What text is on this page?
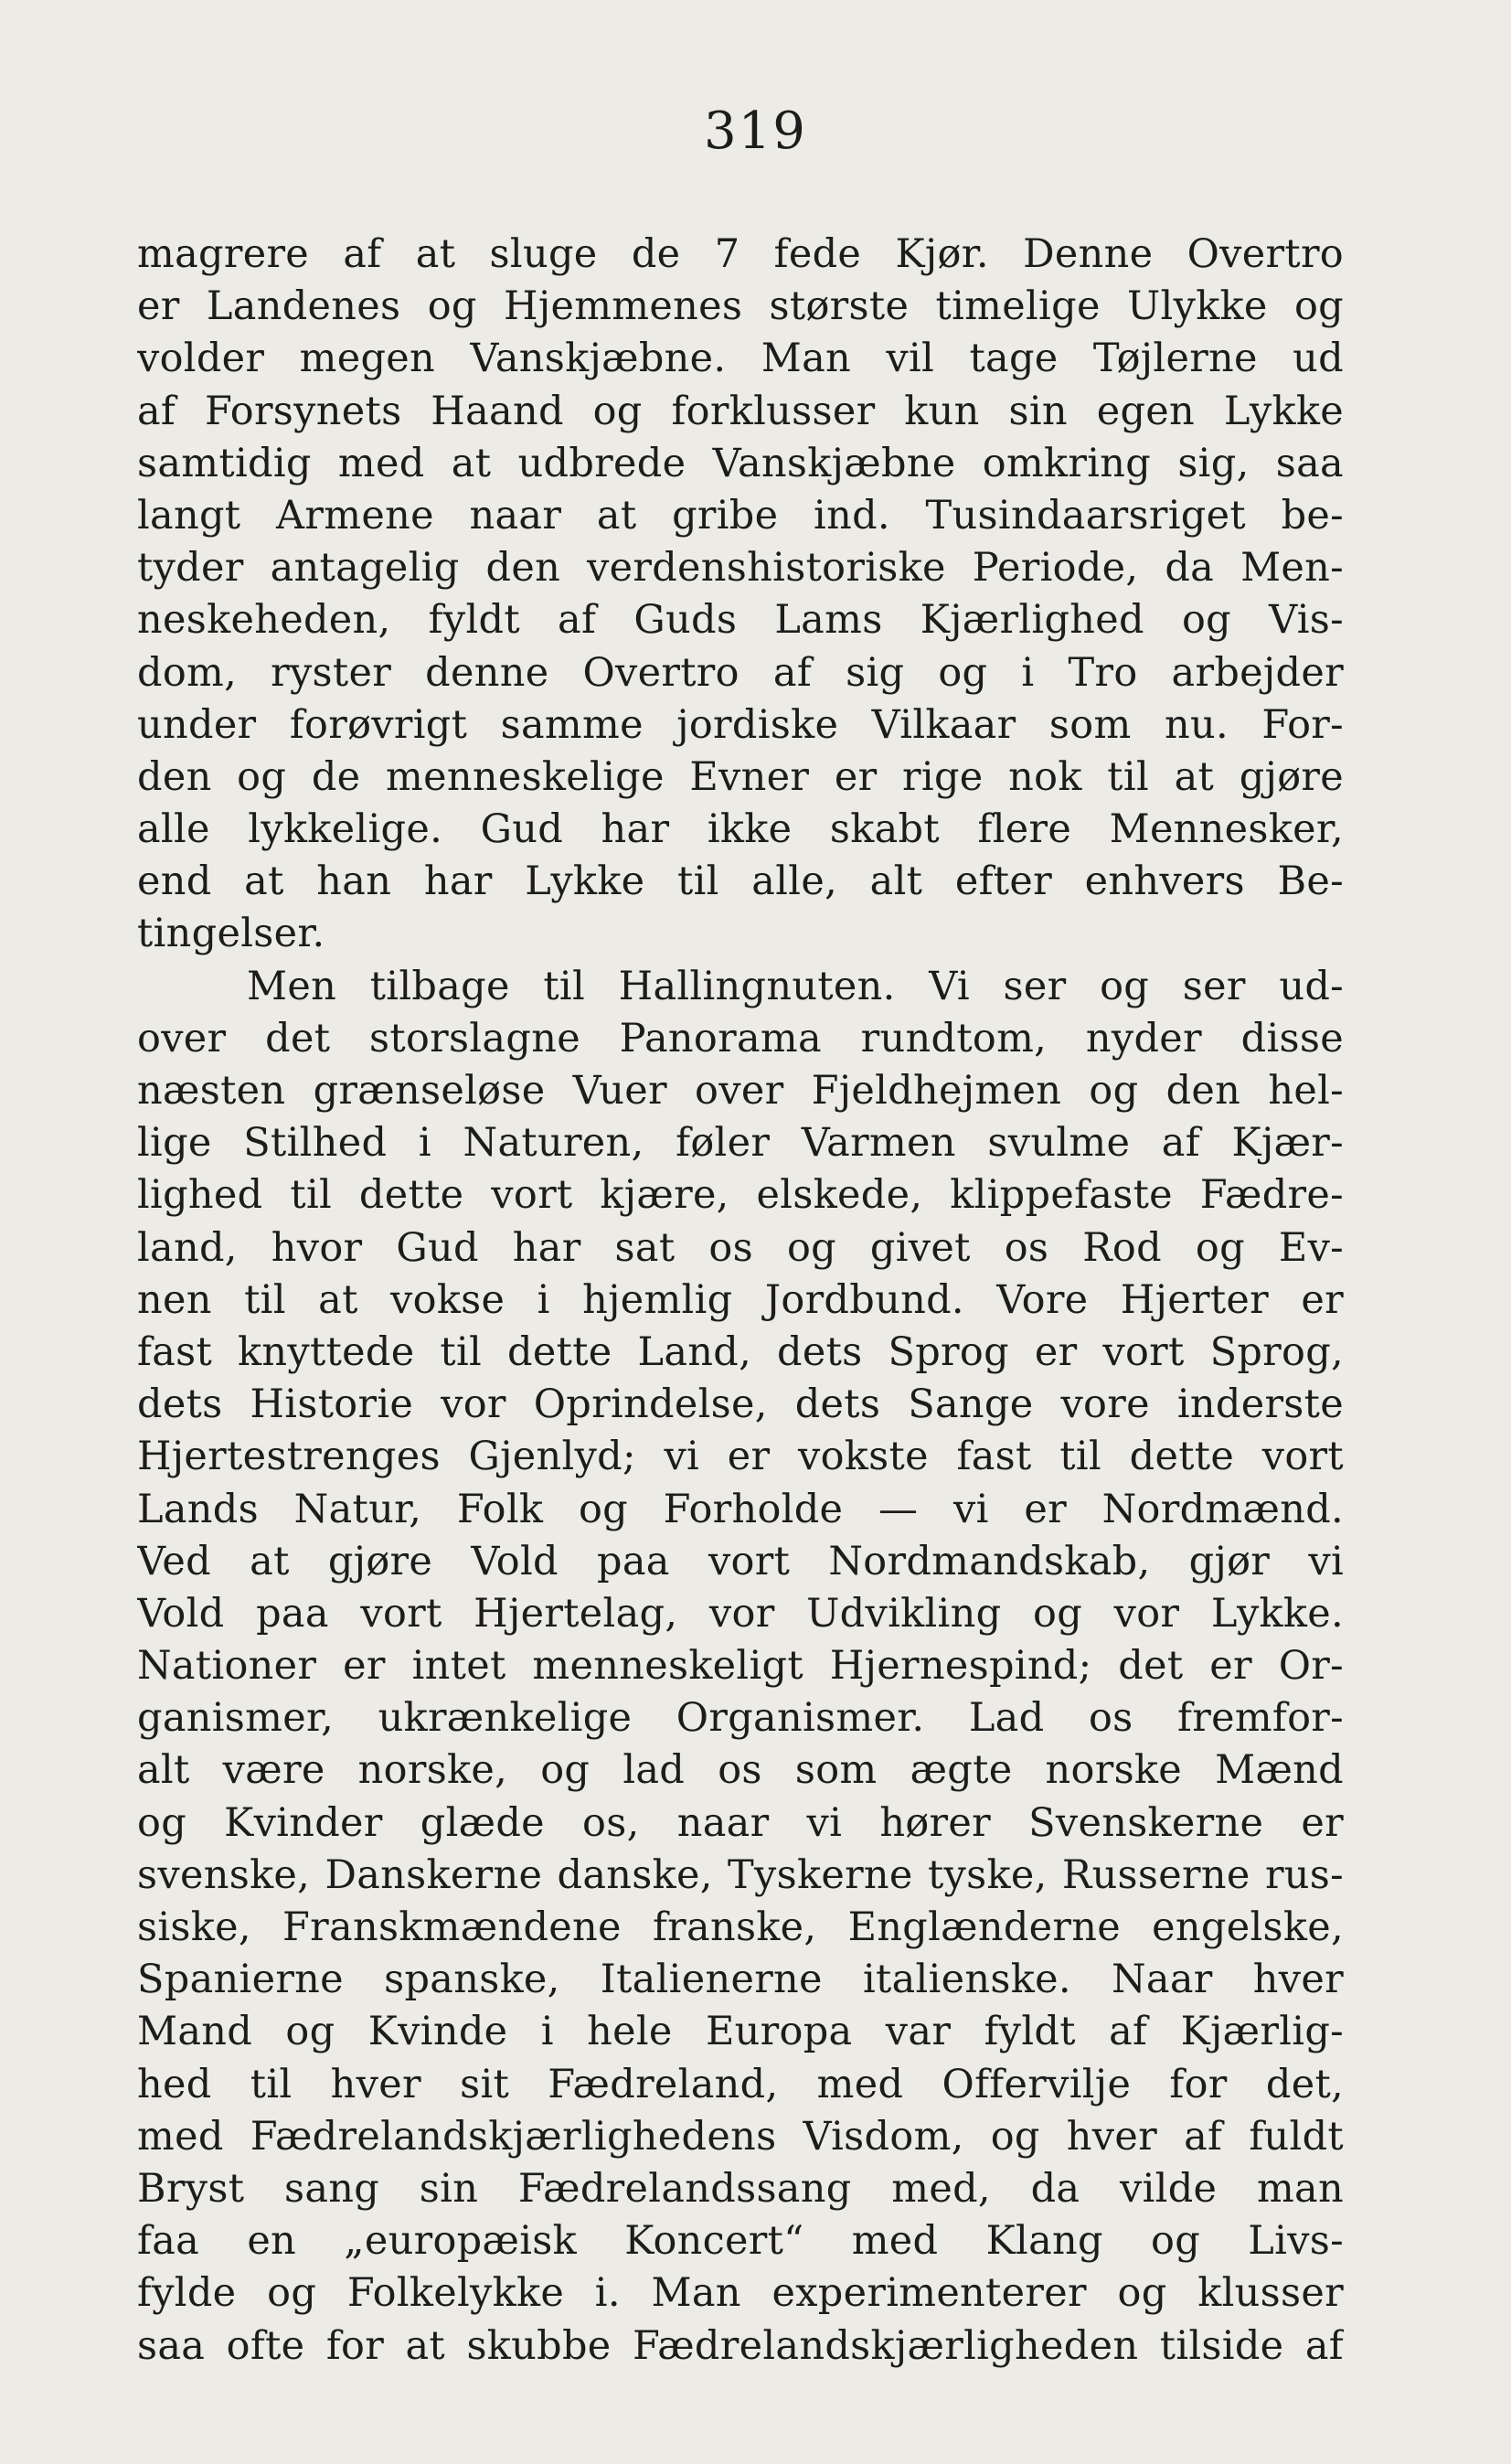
319
magrere af at sluge de 7 fede Kjør. Denne Overtro
er Landenes og Hjemmenes største timelige Ulykke og
volder megen Vanskjæbne. Man vil tage Tøjlerne ud
af Forsynets Haand og forklusser kun sin egen Lykke
samtidig med at udbrede Vanskjæbne omkring sig, saa
langt Armene naar at gribe ind. Tusindaarsriget be-
tyder antagelig den verdenshistoriske Periode, da Men-
neskeheden, fyldt af Guds Lams Kjærlighed og Vis-
dom, ryster denne Overtro af sig og i Tro arbejder
under forøvrigt samme jordiske Vilkaar som nu. For-
den og de menneskelige Evner er rige nok til at gjøre
alle lykkelige. Gud har ikke skabt flere Mennesker,
end at han har Lykke til alle, alt efter enhvers Be-
tingelser.
Men tilbage til Hallingnuten. Vi ser og ser ud-
over det storslagne Panorama rundtom, nyder disse
næsten grænseløse Vuer over Fjeldhejmen og den hel-
lige Stilhed i Naturen, føler Varmen svulme af Kjær-
lighed til dette vort kjære, elskede, klippefaste Fædre-
land, hvor Gud har sat os og givet os Rod og Ev-
nen til at vokse i hjemlig Jordbund. Vore Hjerter er
fast knyttede til dette Land, dets Sprog er vort Sprog,
dets Historie vor Oprindelse, dets Sange vore inderste
Hjertestrenges Gjenlyd; vi er vokste fast til dette vort
Lands Natur, Folk og Forholde — vi er Nordmænd.
Ved at gjøre Vold paa vort Nordmandskab, gjør vi
Vold paa vort Hjertelag, vor Udvikling og vor Lykke.
Nationer er intet menneskeligt Hjernespind; det er Or-
ganismer, ukrænkelige Organismer. Lad os fremfor-
alt være norske, og lad os som ægte norske Mænd
og Kvinder glæde os, naar vi hører Svenskerne er
svenske, Danskerne danske, Tyskerne tyske, Russerne rus-
siske, Franskmændene franske, Englænderne engelske,
Spanierne spanske, Italienerne italienske. Naar hver
Mand og Kvinde i hele Europa var fyldt af Kjærlig-
hed til hver sit Fædreland, med Offervilje for det,
med Fædrelandskjærlighedens Visdom, og hver af fuldt
Bryst sang sin Fædrelandssang med, da vilde man
faa en „europæisk Koncert“ med Klang og Livs-
fylde og Folkelykke i. Man experimenterer og klusser
saa ofte for at skubbe Fædrelandskjærligheden tilside af
